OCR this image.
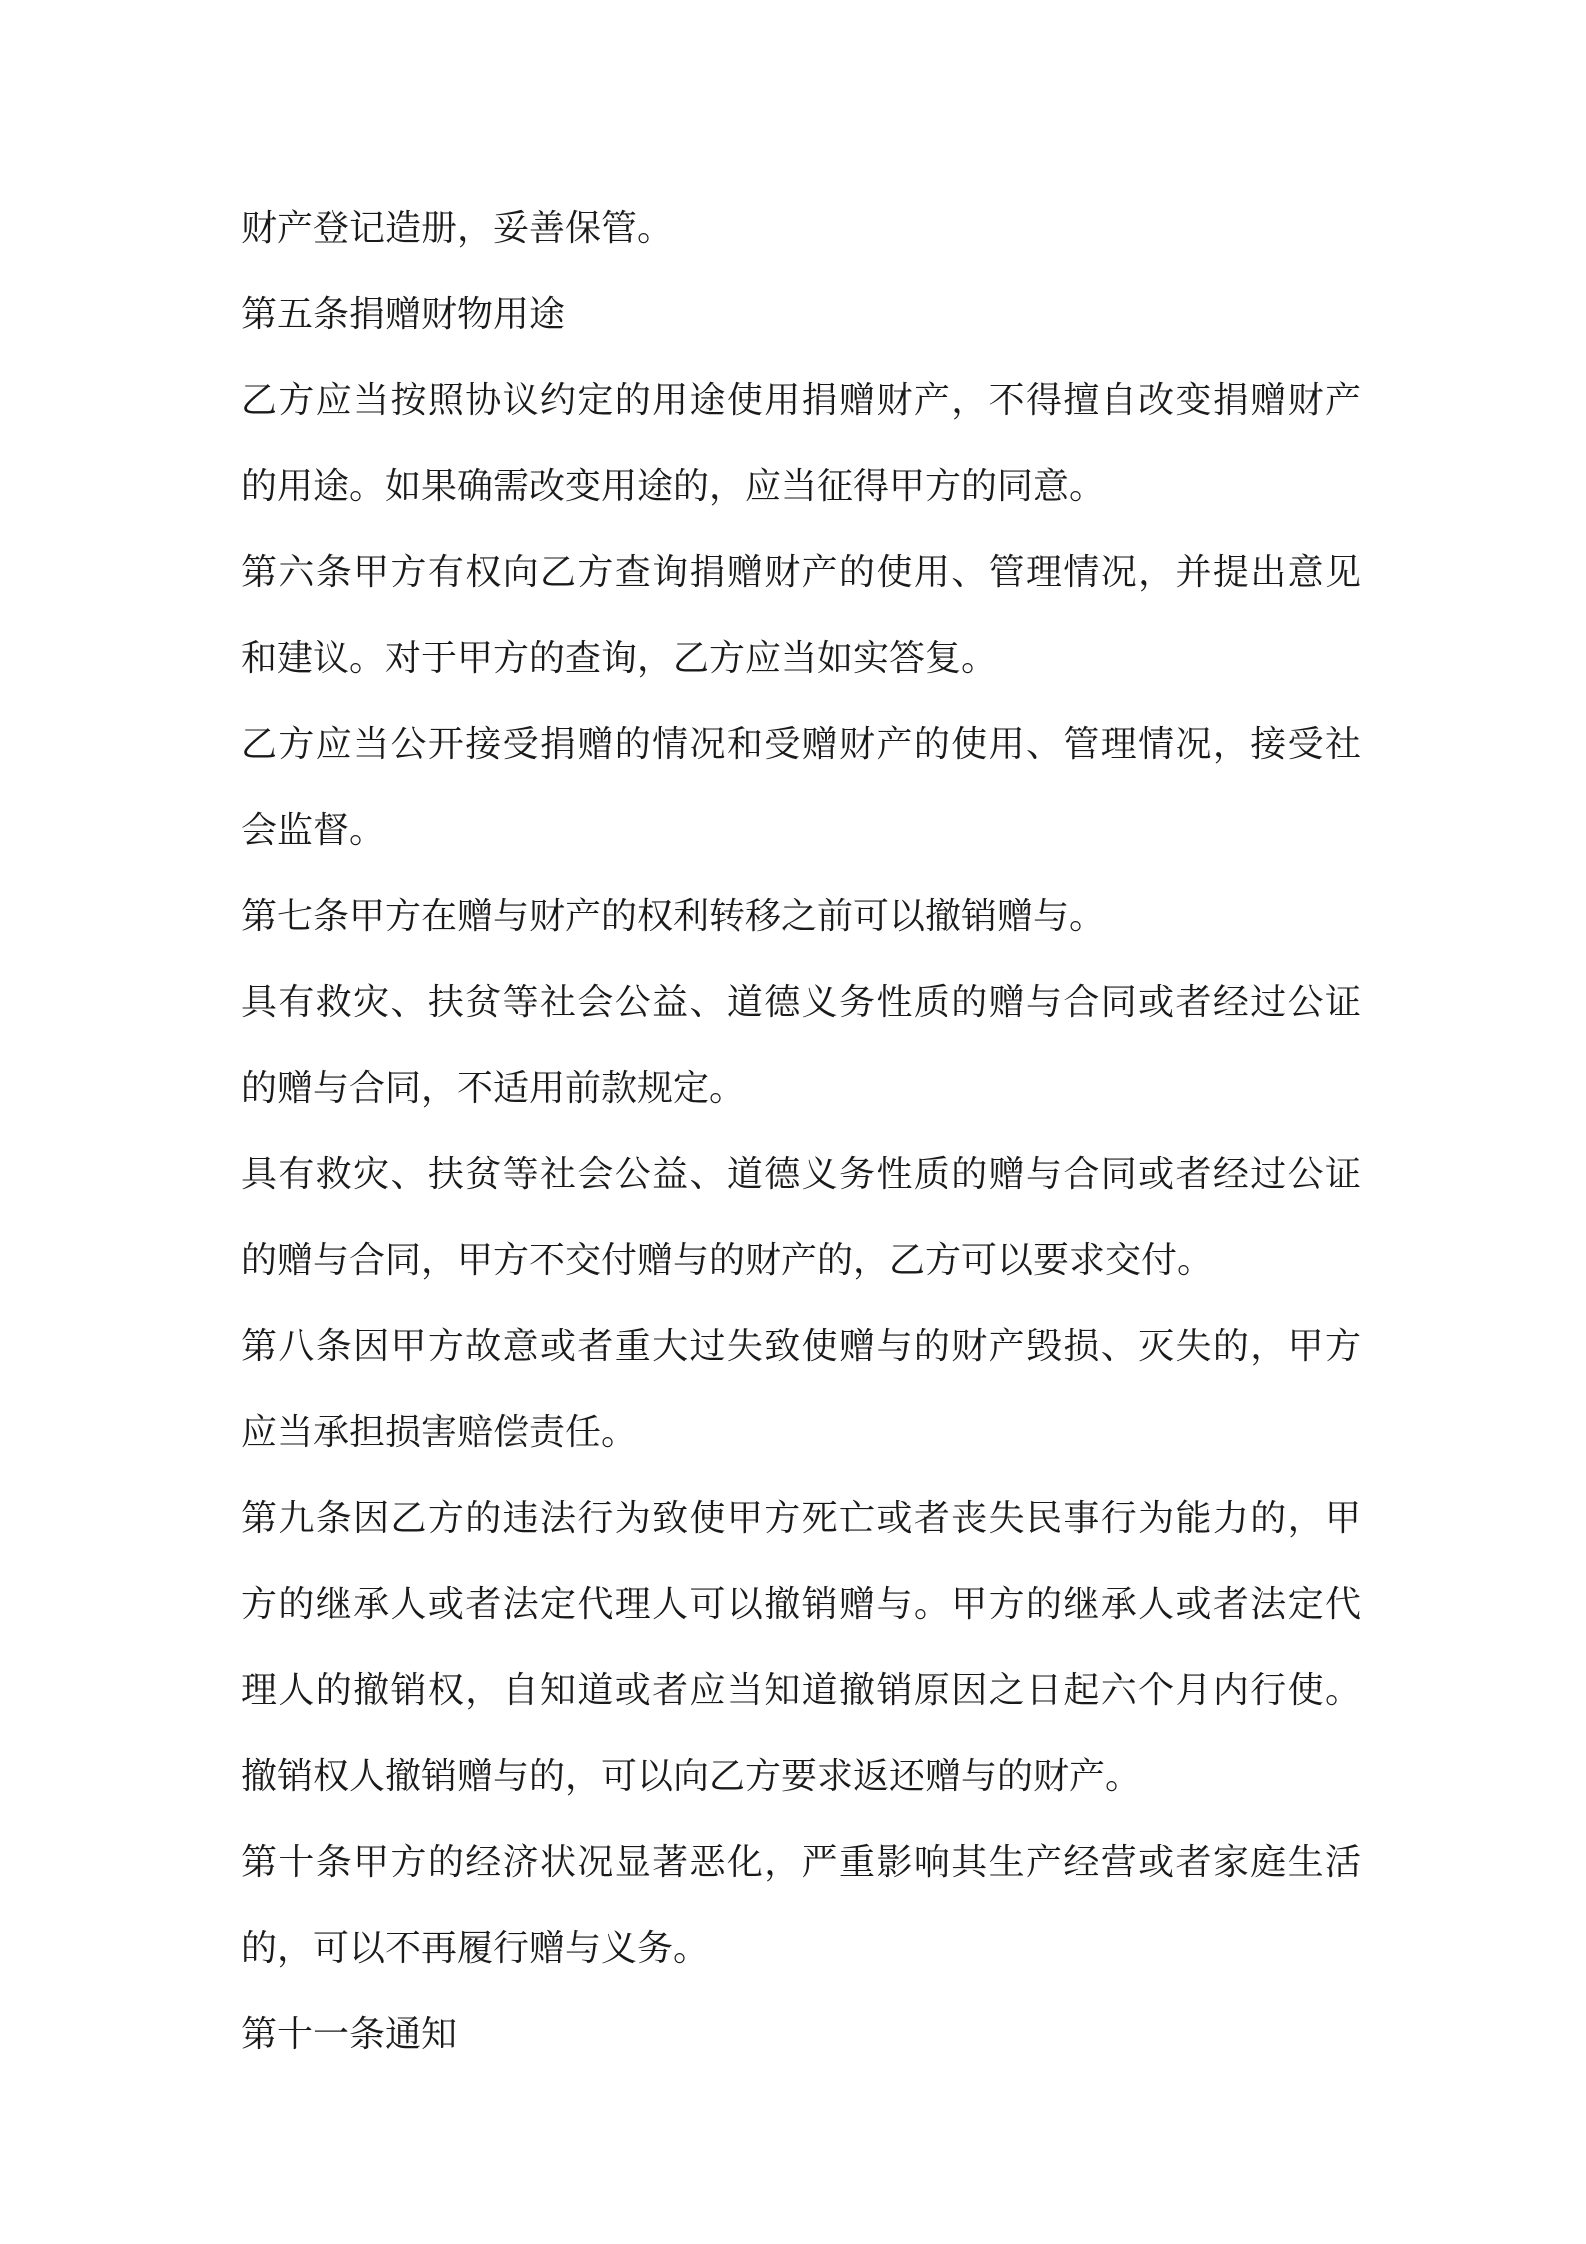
财产登记造册，妥善保管。
第五条捐赠财物用途
乙方应当按照协议约定的用途使用捐赠财产，不得擅自改变捐赠财产
的用途。如果确需改变用途的，应当征得甲方的同意。
第六条甲方有权向乙方查询捐赠财产的使用、管理情况，并提出意见
和建议。对于甲方的查询，乙方应当如实答复。
乙方应当公开接受捐赠的情况和受赠财产的使用、管理情况，接受社
会监督。
第七条甲方在赠与财产的权利转移之前可以撤销赠与。
具有救灾、扶贫等社会公益、道德义务性质的赠与合同或者经过公证
的赠与合同，不适用前款规定。
具有救灾、扶贫等社会公益、道德义务性质的赠与合同或者经过公证
的赠与合同，甲方不交付赠与的财产的，乙方可以要求交付。
第八条因甲方故意或者重大过失致使赠与的财产毁损、灭失的，甲方
应当承担损害赔偿责任。
第九条因乙方的违法行为致使甲方死亡或者丧失民事行为能力的，甲
方的继承人或者法定代理人可以撤销赠与。甲方的继承人或者法定代
理人的撤销权，自知道或者应当知道撤销原因之日起六个月内行使。
撤销权人撤销赠与的，可以向乙方要求返还赠与的财产。
第十条甲方的经济状况显著恶化，严重影响其生产经营或者家庭生活
的，可以不再履行赠与义务。
第十一条通知
